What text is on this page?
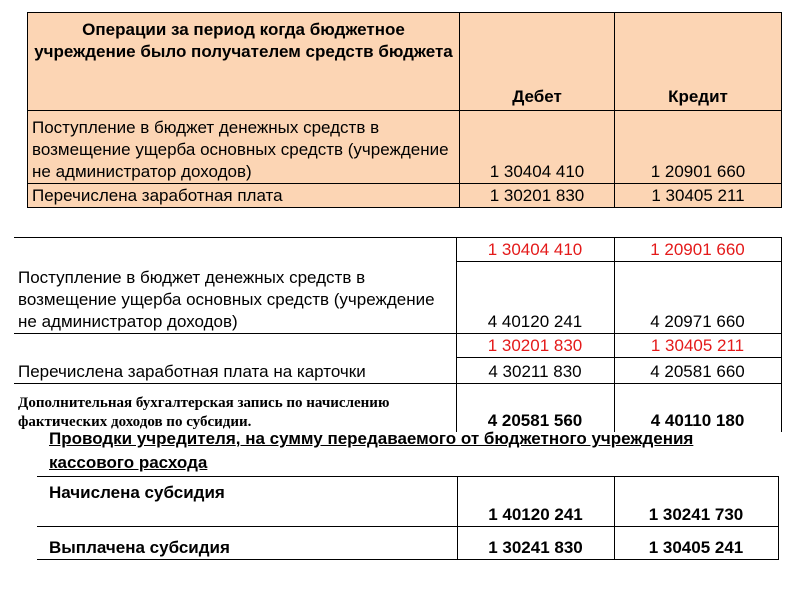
Операции за период когда бюджетное учреждение было получателем средств бюджета	Дебет	Кредит
Поступление в бюджет денежных средств в возмещение ущерба основных средств (учреждение не администратор доходов)	1 30404 410	1 20901 660
Перечислена заработная плата	1 30201 830	1 30405 211
	1 30404 410	1 20901 660
Поступление в бюджет денежных средств в возмещение ущерба основных средств (учреждение не администратор доходов)	4 40120 241	4 20971 660
	1 30201 830	1 30405 211
Перечислена заработная плата на карточки	4 30211 830	4 20581 660
Дополнительная бухгалтерская запись по начислению фактических доходов по субсидии.	4 20581 560	4 40110 180
Проводки учредителя, на сумму передаваемого от бюджетного учреждения кассового расхода
Начислена субсидия	1 40120 241	1 30241 730
Выплачена субсидия	1 30241 830	1 30405 241
